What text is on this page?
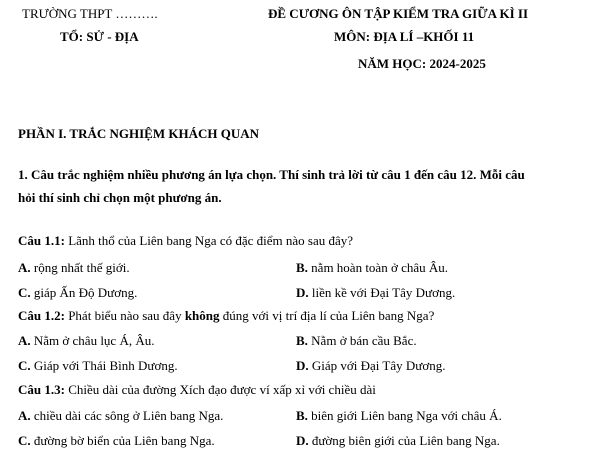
TRƯỜNG THPT ……….	ĐỀ CƯƠNG ÔN TẬP KIỂM TRA GIỮA KÌ II
TỔ: SỬ - ĐỊA	MÔN: ĐỊA LÍ –KHỐI 11
NĂM HỌC: 2024-2025
PHẦN I. TRẮC NGHIỆM KHÁCH QUAN
1. Câu trắc nghiệm nhiều phương án lựa chọn. Thí sinh trả lời từ câu 1 đến câu 12. Mỗi câu
hỏi thí sinh chỉ chọn một phương án.
Câu 1.1: Lãnh thổ của Liên bang Nga có đặc điểm nào sau đây?
A. rộng nhất thế giới.	B. nằm hoàn toàn ở châu Âu.
C. giáp Ấn Độ Dương.	D. liền kề với Đại Tây Dương.
Câu 1.2: Phát biểu nào sau đây không đúng với vị trí địa lí của Liên bang Nga?
A. Nằm ở châu lục Á, Âu.	B. Nằm ở bán cầu Bắc.
C. Giáp với Thái Bình Dương.	D. Giáp với Đại Tây Dương.
Câu 1.3: Chiều dài của đường Xích đạo được ví xấp xỉ với chiều dài
A. chiều dài các sông ở Liên bang Nga.	B. biên giới Liên bang Nga với châu Á.
C. đường bờ biển của Liên bang Nga.	D. đường biên giới của Liên bang Nga.
